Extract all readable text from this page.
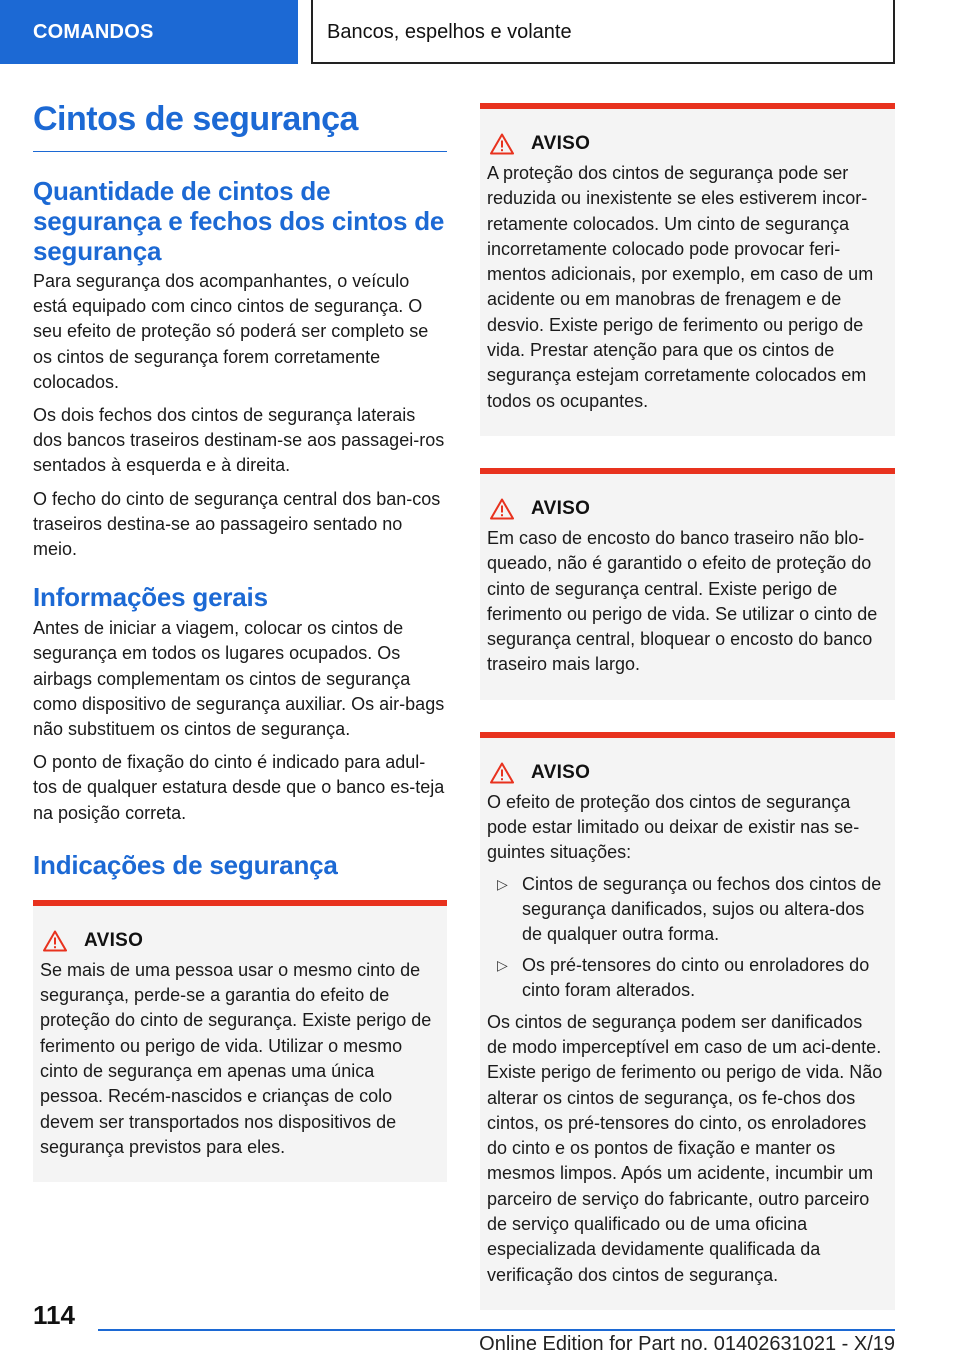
COMANDOS	Bancos, espelhos e volante
Cintos de segurança
Quantidade de cintos de segurança e fechos dos cintos de segurança

Para segurança dos acompanhantes, o veículo está equipado com cinco cintos de segurança. O seu efeito de proteção só poderá ser completo se os cintos de segurança forem corretamente colocados.

Os dois fechos dos cintos de segurança laterais dos bancos traseiros destinam-se aos passagei-ros sentados à esquerda e à direita.

O fecho do cinto de segurança central dos ban-cos traseiros destina-se ao passageiro sentado no meio.

Informações gerais

Antes de iniciar a viagem, colocar os cintos de segurança em todos os lugares ocupados. Os airbags complementam os cintos de segurança como dispositivo de segurança auxiliar. Os air-bags não substituem os cintos de segurança.

O ponto de fixação do cinto é indicado para adul-tos de qualquer estatura desde que o banco es-teja na posição correta.

Indicações de segurança
AVISO

Se mais de uma pessoa usar o mesmo cinto de segurança, perde-se a garantia do efeito de proteção do cinto de segurança. Existe perigo de ferimento ou perigo de vida. Utilizar o mesmo cinto de segurança em apenas uma única pessoa. Recém-nascidos e crianças de colo devem ser transportados nos dispositivos de segurança previstos para eles.

AVISO

A proteção dos cintos de segurança pode ser reduzida ou inexistente se eles estiverem incor-retamente colocados. Um cinto de segurança incorretamente colocado pode provocar feri-mentos adicionais, por exemplo, em caso de um acidente ou em manobras de frenagem e de desvio. Existe perigo de ferimento ou perigo de vida. Prestar atenção para que os cintos de segurança estejam corretamente colocados em todos os ocupantes.

AVISO

Em caso de encosto do banco traseiro não blo-queado, não é garantido o efeito de proteção do cinto de segurança central. Existe perigo de ferimento ou perigo de vida. Se utilizar o cinto de segurança central, bloquear o encosto do banco traseiro mais largo.

AVISO

O efeito de proteção dos cintos de segurança pode estar limitado ou deixar de existir nas se-guintes situações:

▷ Cintos de segurança ou fechos dos cintos de segurança danificados, sujos ou altera-dos de qualquer outra forma.
▷ Os pré-tensores do cinto ou enroladores do cinto foram alterados.

Os cintos de segurança podem ser danificados de modo imperceptível em caso de um aci-dente. Existe perigo de ferimento ou perigo de vida. Não alterar os cintos de segurança, os fe-chos dos cintos, os pré-tensores do cinto, os enroladores do cinto e os pontos de fixação e manter os mesmos limpos. Após um acidente, incumbir um parceiro de serviço do fabricante, outro parceiro de serviço qualificado ou de uma oficina especializada devidamente qualificada da verificação dos cintos de segurança.

114
Online Edition for Part no. 01402631021 - X/19
